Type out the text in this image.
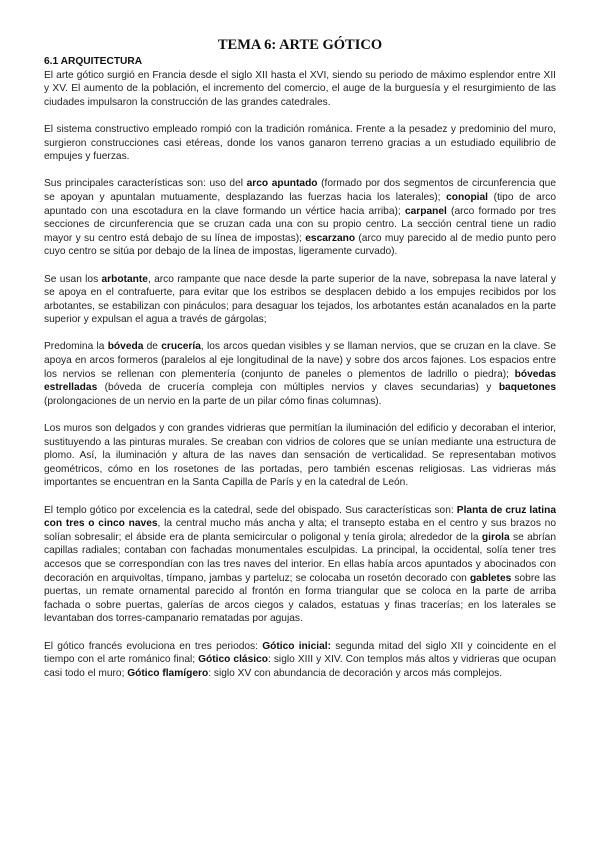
TEMA 6: ARTE GÓTICO
6.1 ARQUITECTURA

El arte gótico surgió en Francia desde el siglo XII hasta el XVI, siendo su periodo de máximo esplendor entre XII y XV. El aumento de la población, el incremento del comercio, el auge de la burguesía y el resurgimiento de las ciudades impulsaron la construcción de las grandes catedrales.

El sistema constructivo empleado rompió con la tradición románica. Frente a la pesadez y predominio del muro, surgieron construcciones casi etéreas, donde los vanos ganaron terreno gracias a un estudiado equilibrio de empujes y fuerzas.

Sus principales características son: uso del arco apuntado (formado por dos segmentos de circunferencia que se apoyan y apuntalan mutuamente, desplazando las fuerzas hacia los laterales); conopial (tipo de arco apuntado con una escotadura en la clave formando un vértice hacia arriba); carpanel (arco formado por tres secciones de circunferencia que se cruzan cada una con su propio centro. La sección central tiene un radio mayor y su centro está debajo de su línea de impostas); escarzano (arco muy parecido al de medio punto pero cuyo centro se sitúa por debajo de la línea de impostas, ligeramente curvado).

Se usan los arbotante, arco rampante que nace desde la parte superior de la nave, sobrepasa la nave lateral y se apoya en el contrafuerte, para evitar que los estribos se desplacen debido a los empujes recibidos por los arbotantes, se estabilizan con pináculos; para desaguar los tejados, los arbotantes están acanalados en la parte superior y expulsan el agua a través de gárgolas;

Predomina la bóveda de crucería, los arcos quedan visibles y se llaman nervios, que se cruzan en la clave. Se apoya en arcos formeros (paralelos al eje longitudinal de la nave) y sobre dos arcos fajones. Los espacios entre los nervios se rellenan con plementería (conjunto de paneles o plementos de ladrillo o piedra); bóvedas estrelladas (bóveda de crucería compleja con múltiples nervios y claves secundarias) y baquetones (prolongaciones de un nervio en la parte de un pilar cómo finas columnas).

Los muros son delgados y con grandes vidrieras que permitían la iluminación del edificio y decoraban el interior, sustituyendo a las pinturas murales. Se creaban con vidrios de colores que se unían mediante una estructura de plomo. Así, la iluminación y altura de las naves dan sensación de verticalidad. Se representaban motivos geométricos, cómo en los rosetones de las portadas, pero también escenas religiosas. Las vidrieras más importantes se encuentran en la Santa Capilla de París y en la catedral de León.

El templo gótico por excelencia es la catedral, sede del obispado. Sus características son: Planta de cruz latina con tres o cinco naves, la central mucho más ancha y alta; el transepto estaba en el centro y sus brazos no solían sobresalir; el ábside era de planta semicircular o poligonal y tenía girola; alrededor de la girola se abrían capillas radiales; contaban con fachadas monumentales esculpidas. La principal, la occidental, solía tener tres accesos que se correspondían con las tres naves del interior. En ellas había arcos apuntados y abocinados con decoración en arquivoltas, tímpano, jambas y parteluz; se colocaba un rosetón decorado con gabletes sobre las puertas, un remate ornamental parecido al frontón en forma triangular que se coloca en la parte de arriba fachada o sobre puertas, galerías de arcos ciegos y calados, estatuas y finas tracerías; en los laterales se levantaban dos torres-campanario rematadas por agujas.

El gótico francés evoluciona en tres periodos: Gótico inicial: segunda mitad del siglo XII y coincidente en el tiempo con el arte románico final; Gótico clásico: siglo XIII y XIV. Con templos más altos y vidrieras que ocupan casi todo el muro; Gótico flamígero: siglo XV con abundancia de decoración y arcos más complejos.
